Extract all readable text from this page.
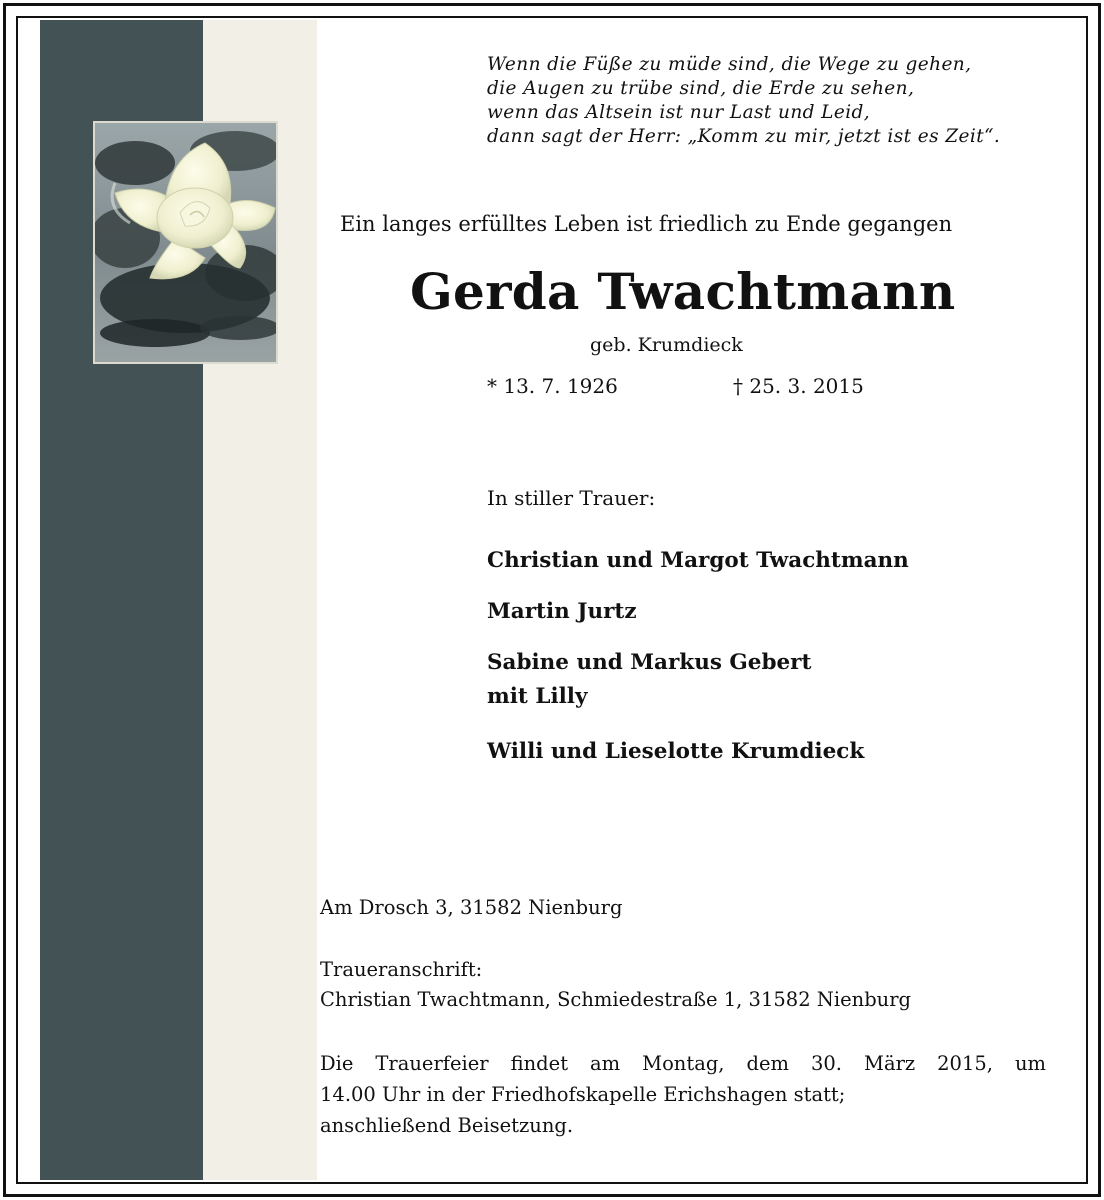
Wenn die Füße zu müde sind, die Wege zu gehen,
die Augen zu trübe sind, die Erde zu sehen,
wenn das Altsein ist nur Last und Leid,
dann sagt der Herr: „Komm zu mir, jetzt ist es Zeit“.
Ein langes erfülltes Leben ist friedlich zu Ende gegangen
Gerda Twachtmann
geb. Krumdieck
* 13. 7. 1926	† 25. 3. 2015
In stiller Trauer:
Christian und Margot Twachtmann
Martin Jurtz
Sabine und Markus Gebert
mit Lilly
Willi und Lieselotte Krumdieck
Am Drosch 3, 31582 Nienburg
Traueranschrift:
Christian Twachtmann, Schmiedestraße 1, 31582 Nienburg
Die Trauerfeier findet am Montag, dem 30. März 2015, um
14.00 Uhr in der Friedhofskapelle Erichshagen statt;
anschließend Beisetzung.
